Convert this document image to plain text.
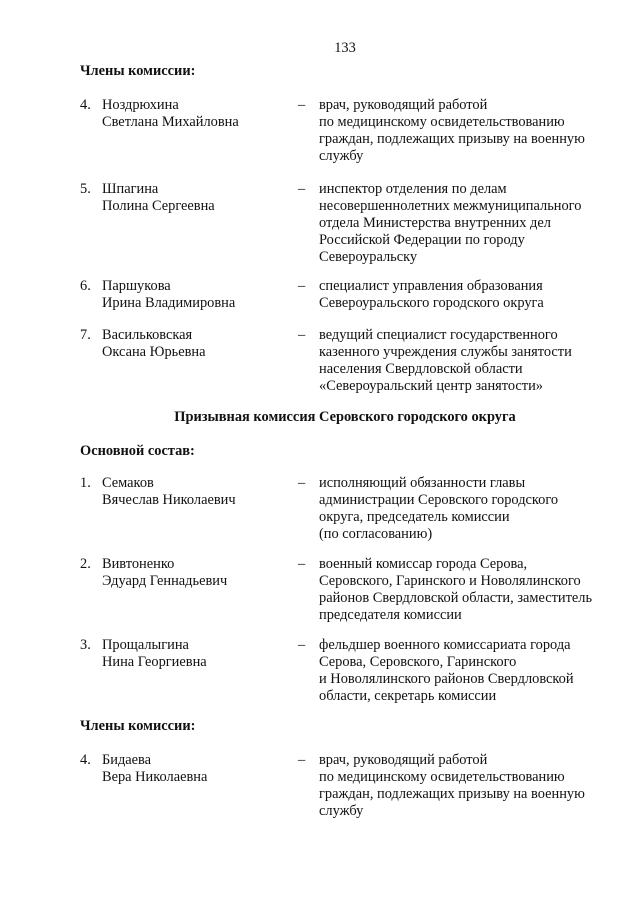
133
Члены комиссии:
4. Ноздрюхина
Светлана Михайловна
– врач, руководящий работой
по медицинскому освидетельствованию
граждан, подлежащих призыву на военную
службу
5. Шпагина
Полина Сергеевна
– инспектор отделения по делам
несовершеннолетних межмуниципального
отдела Министерства внутренних дел
Российской Федерации по городу
Североуральску
6. Паршукова
Ирина Владимировна
– специалист управления образования
Североуральского городского округа
7. Васильковская
Оксана Юрьевна
– ведущий специалист государственного
казенного учреждения службы занятости
населения Свердловской области
«Североуральский центр занятости»
Призывная комиссия Серовского городского округа
Основной состав:
1. Семаков
Вячеслав Николаевич
– исполняющий обязанности главы
администрации Серовского городского
округа, председатель комиссии
(по согласованию)
2. Вивтоненко
Эдуард Геннадьевич
– военный комиссар города Серова,
Серовского, Гаринского и Новолялинского
районов Свердловской области, заместитель
председателя комиссии
3. Прощалыгина
Нина Георгиевна
– фельдшер военного комиссариата города
Серова, Серовского, Гаринского
и Новолялинского районов Свердловской
области, секретарь комиссии
Члены комиссии:
4. Бидаева
Вера Николаевна
– врач, руководящий работой
по медицинскому освидетельствованию
граждан, подлежащих призыву на военную
службу
